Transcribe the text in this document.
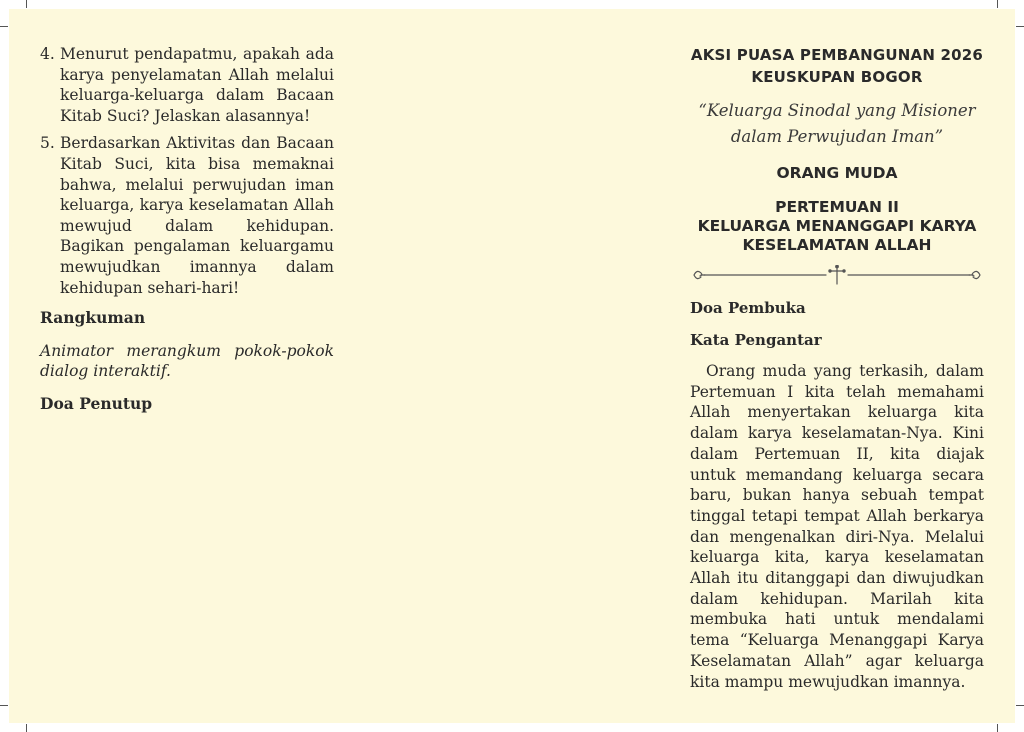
4. Menurut pendapatmu, apakah ada karya penyelamatan Allah melalui keluarga-keluarga dalam Bacaan Kitab Suci? Jelaskan alasannya!
5. Berdasarkan Aktivitas dan Bacaan Kitab Suci, kita bisa memaknai bahwa, melalui perwujudan iman keluarga, karya keselamatan Allah mewujud dalam kehidupan. Bagikan pengalaman keluargamu mewujudkan imannya dalam kehidupan sehari-hari!
Rangkuman

Animator merangkum pokok-pokok dialog interaktif.

Doa Penutup
AKSI PUASA PEMBANGUNAN 2026
KEUSKUPAN BOGOR
“Keluarga Sinodal yang Misioner
dalam Perwujudan Iman”
ORANG MUDA
PERTEMUAN II
KELUARGA MENANGGAPI KARYA
KESELAMATAN ALLAH
Doa Pembuka
Kata Pengantar

Orang muda yang terkasih, dalam Pertemuan I kita telah memahami Allah menyertakan keluarga kita dalam karya keselamatan-Nya. Kini dalam Pertemuan II, kita diajak untuk memandang keluarga secara baru, bukan hanya sebuah tempat tinggal tetapi tempat Allah berkarya dan mengenalkan diri-Nya. Melalui keluarga kita, karya keselamatan Allah itu ditanggapi dan diwujudkan dalam kehidupan. Marilah kita membuka hati untuk mendalami tema “Keluarga Menanggapi Karya Keselamatan Allah” agar keluarga kita mampu mewujudkan imannya.
